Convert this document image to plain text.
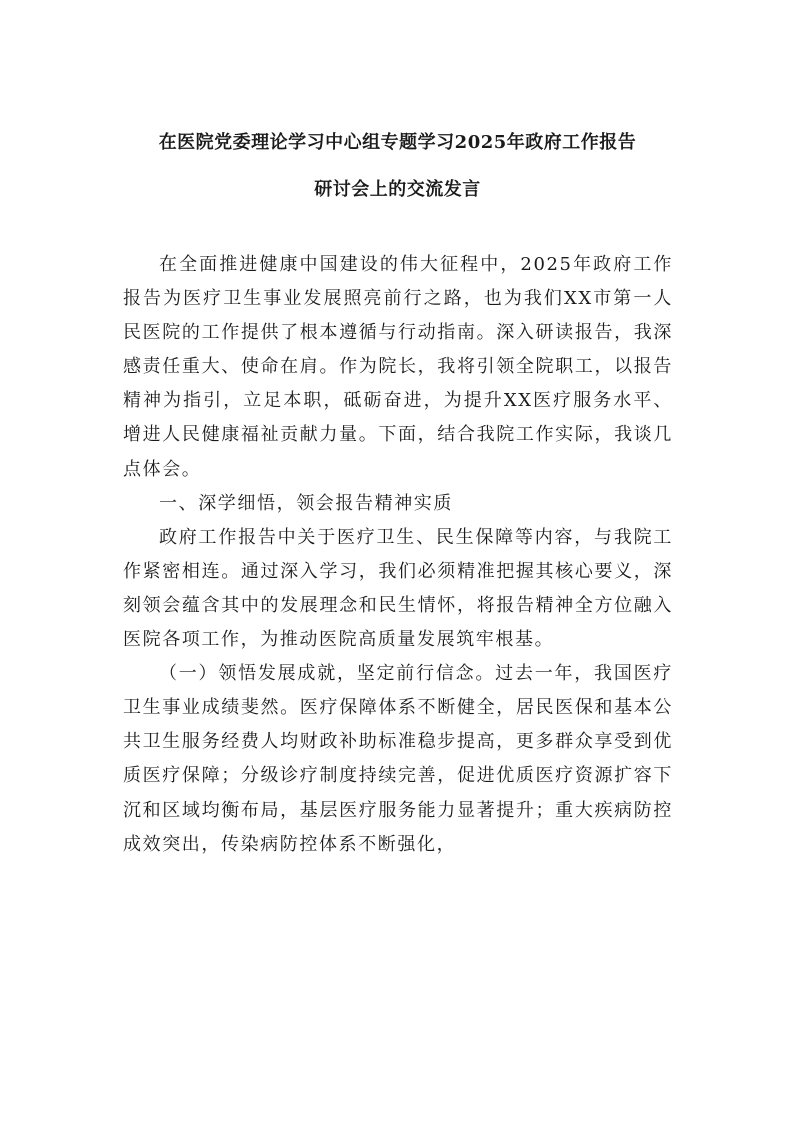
在医院党委理论学习中心组专题学习2025年政府工作报告
研讨会上的交流发言

在全面推进健康中国建设的伟大征程中，2025年政府工作报告为医疗卫生事业发展照亮前行之路，也为我们XX市第一人民医院的工作提供了根本遵循与行动指南。深入研读报告，我深感责任重大、使命在肩。作为院长，我将引领全院职工，以报告精神为指引，立足本职，砥砺奋进，为提升XX医疗服务水平、增进人民健康福祉贡献力量。下面，结合我院工作实际，我谈几点体会。

一、深学细悟，领会报告精神实质

政府工作报告中关于医疗卫生、民生保障等内容，与我院工作紧密相连。通过深入学习，我们必须精准把握其核心要义，深刻领会蕴含其中的发展理念和民生情怀，将报告精神全方位融入医院各项工作，为推动医院高质量发展筑牢根基。

（一）领悟发展成就，坚定前行信念。过去一年，我国医疗卫生事业成绩斐然。医疗保障体系不断健全，居民医保和基本公共卫生服务经费人均财政补助标准稳步提高，更多群众享受到优质医疗保障；分级诊疗制度持续完善，促进优质医疗资源扩容下沉和区域均衡布局，基层医疗服务能力显著提升；重大疾病防控成效突出，传染病防控体系不断强化，
